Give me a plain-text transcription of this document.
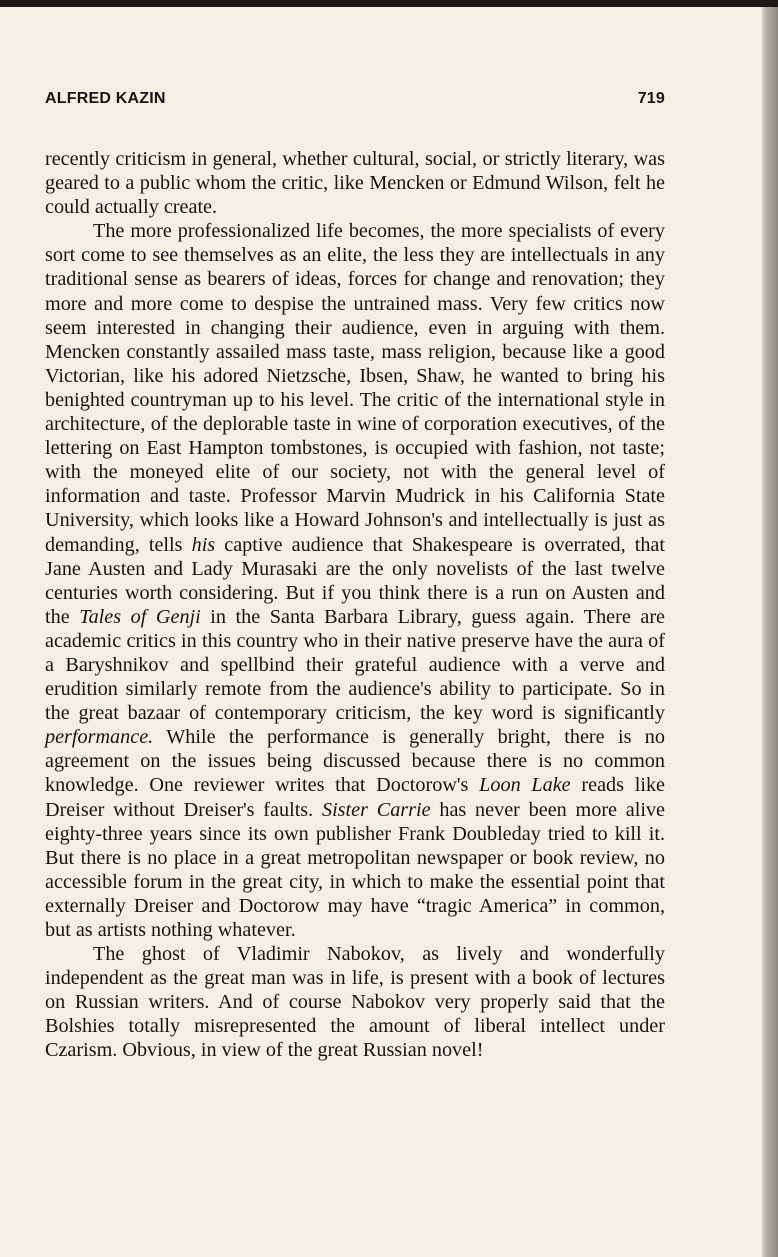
ALFRED KAZIN	719

recently criticism in general, whether cultural, social, or strictly literary, was geared to a public whom the critic, like Mencken or Edmund Wilson, felt he could actually create.

The more professionalized life becomes, the more specialists of every sort come to see themselves as an elite, the less they are intellectuals in any traditional sense as bearers of ideas, forces for change and renovation; they more and more come to despise the untrained mass. Very few critics now seem interested in changing their audience, even in arguing with them. Mencken constantly assailed mass taste, mass religion, because like a good Victorian, like his adored Nietzsche, Ibsen, Shaw, he wanted to bring his benighted countryman up to his level. The critic of the international style in architecture, of the deplorable taste in wine of corporation executives, of the lettering on East Hampton tombstones, is occupied with fashion, not taste; with the moneyed elite of our society, not with the general level of information and taste. Professor Marvin Mudrick in his California State University, which looks like a Howard Johnson's and intellectually is just as demanding, tells his captive audience that Shakespeare is overrated, that Jane Austen and Lady Murasaki are the only novelists of the last twelve centuries worth considering. But if you think there is a run on Austen and the Tales of Genji in the Santa Barbara Library, guess again. There are academic critics in this country who in their native preserve have the aura of a Baryshnikov and spellbind their grateful audience with a verve and erudition similarly remote from the audience's ability to participate. So in the great bazaar of contemporary criticism, the key word is significantly performance. While the performance is generally bright, there is no agreement on the issues being discussed because there is no common knowledge. One reviewer writes that Doctorow's Loon Lake reads like Dreiser without Dreiser's faults. Sister Carrie has never been more alive eighty-three years since its own publisher Frank Doubleday tried to kill it. But there is no place in a great metropolitan newspaper or book review, no accessible forum in the great city, in which to make the essential point that externally Dreiser and Doctorow may have “tragic America” in common, but as artists nothing whatever.

The ghost of Vladimir Nabokov, as lively and wonderfully independent as the great man was in life, is present with a book of lectures on Russian writers. And of course Nabokov very properly said that the Bolshies totally misrepresented the amount of liberal intellect under Czarism. Obvious, in view of the great Russian novel!
